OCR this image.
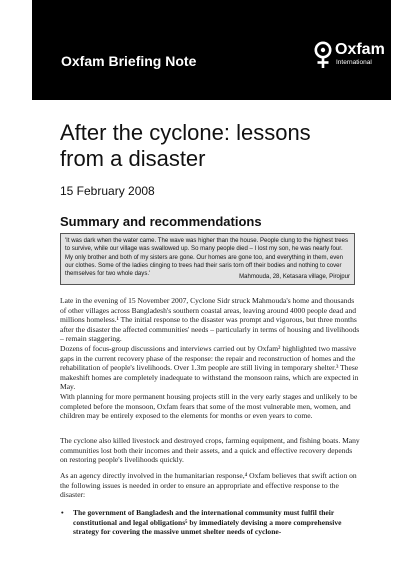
Oxfam Briefing Note
Oxfam
International
After the cyclone: lessons from a disaster
15 February 2008
Summary and recommendations

'It was dark when the water came. The wave was higher than the house. People clung to the highest trees to survive, while our village was swallowed up. So many people died – I lost my son, he was nearly four. My only brother and both of my sisters are gone. Our homes are gone too, and everything in them, even our clothes. Some of the ladies clinging to trees had their saris torn off their bodies and nothing to cover themselves for two whole days.'	Mahmouda, 28, Ketasara village, Pirojpur

Late in the evening of 15 November 2007, Cyclone Sidr struck Mahmouda's home and thousands of other villages across Bangladesh's southern coastal areas, leaving around 4000 people dead and millions homeless.¹ The initial response to the disaster was prompt and vigorous, but three months after the disaster the affected communities' needs – particularly in terms of housing and livelihoods – remain staggering.

Dozens of focus-group discussions and interviews carried out by Oxfam² highlighted two massive gaps in the current recovery phase of the response: the repair and reconstruction of homes and the rehabilitation of people's livelihoods. Over 1.3m people are still living in temporary shelter.³ These makeshift homes are completely inadequate to withstand the monsoon rains, which are expected in May.

With planning for more permanent housing projects still in the very early stages and unlikely to be completed before the monsoon, Oxfam fears that some of the most vulnerable men, women, and children may be entirely exposed to the elements for months or even years to come.

The cyclone also killed livestock and destroyed crops, farming equipment, and fishing boats. Many communities lost both their incomes and their assets, and a quick and effective recovery depends on restoring people's livelihoods quickly.

As an agency directly involved in the humanitarian response,⁴ Oxfam believes that swift action on the following issues is needed in order to ensure an appropriate and effective response to the disaster:

• The government of Bangladesh and the international community must fulfil their constitutional and legal obligations⁵ by immediately devising a more comprehensive strategy for covering the massive unmet shelter needs of cyclone-
